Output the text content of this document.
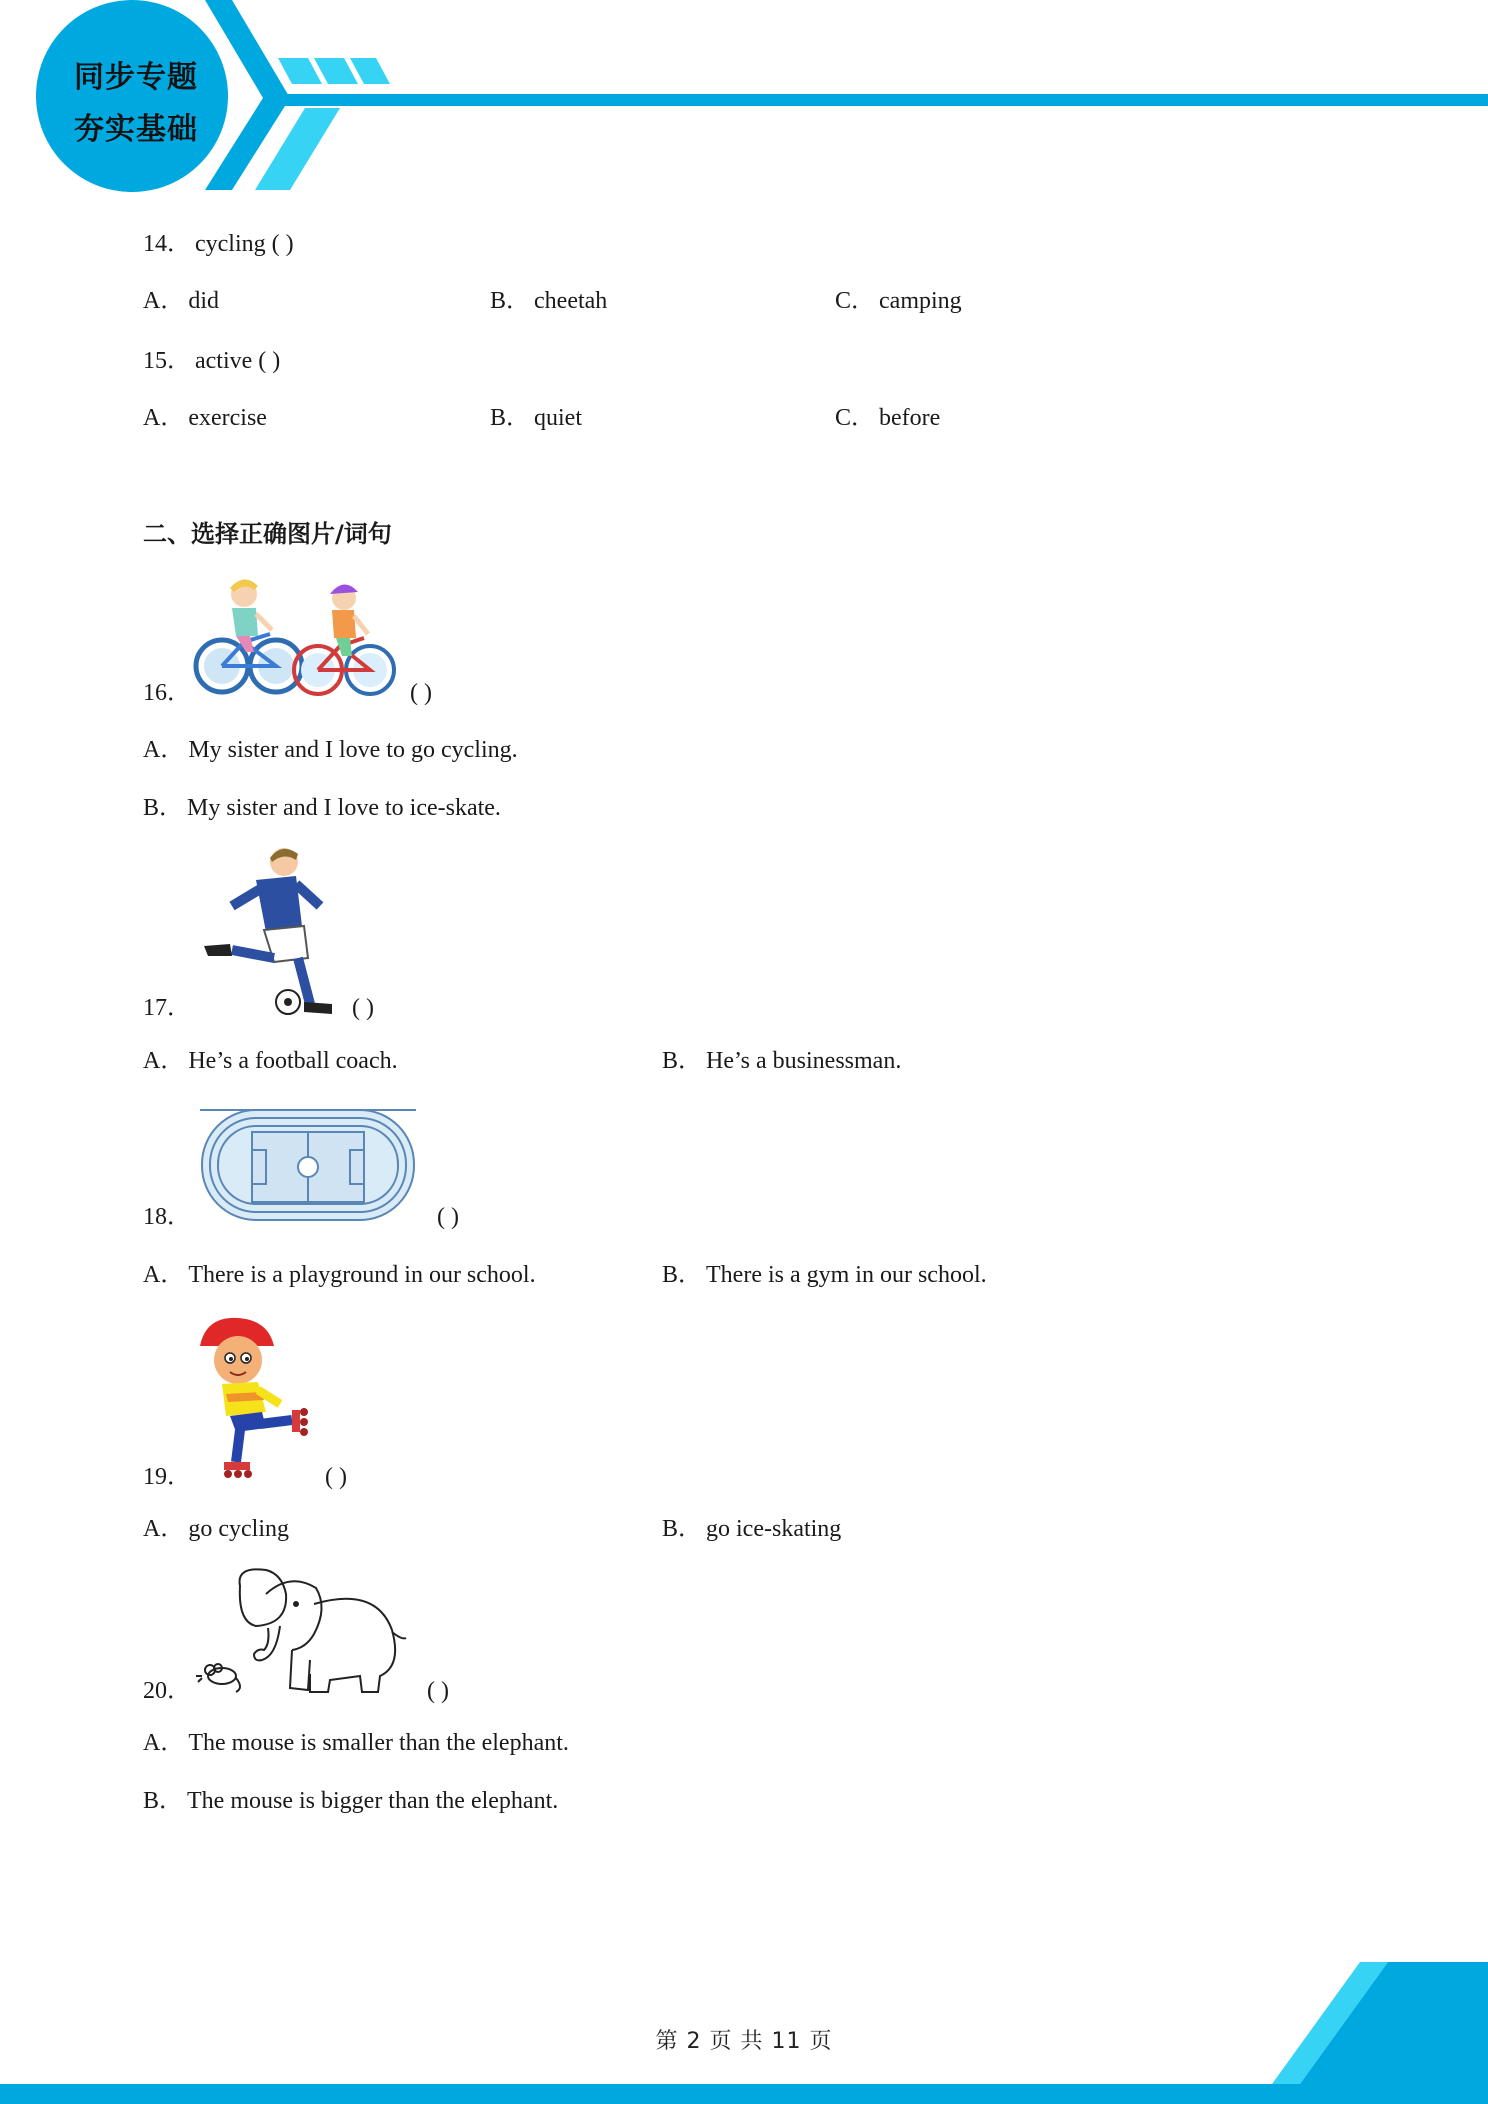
同步专题
夯实基础
14． cycling ( )
A． did	B． cheetah	C． camping
15． active ( )
A． exercise	B． quiet	C． before
二、选择正确图片/词句
16．	( )
A． My sister and I love to go cycling.
B． My sister and I love to ice-skate.
17．	( )
A． He’s a football coach.	B． He’s a businessman.
18．	( )
A． There is a playground in our school.	B． There is a gym in our school.
19．	( )
A． go cycling	B． go ice-skating
20．	( )
A． The mouse is smaller than the elephant.
B． The mouse is bigger than the elephant.
第 2 页 共 11 页
